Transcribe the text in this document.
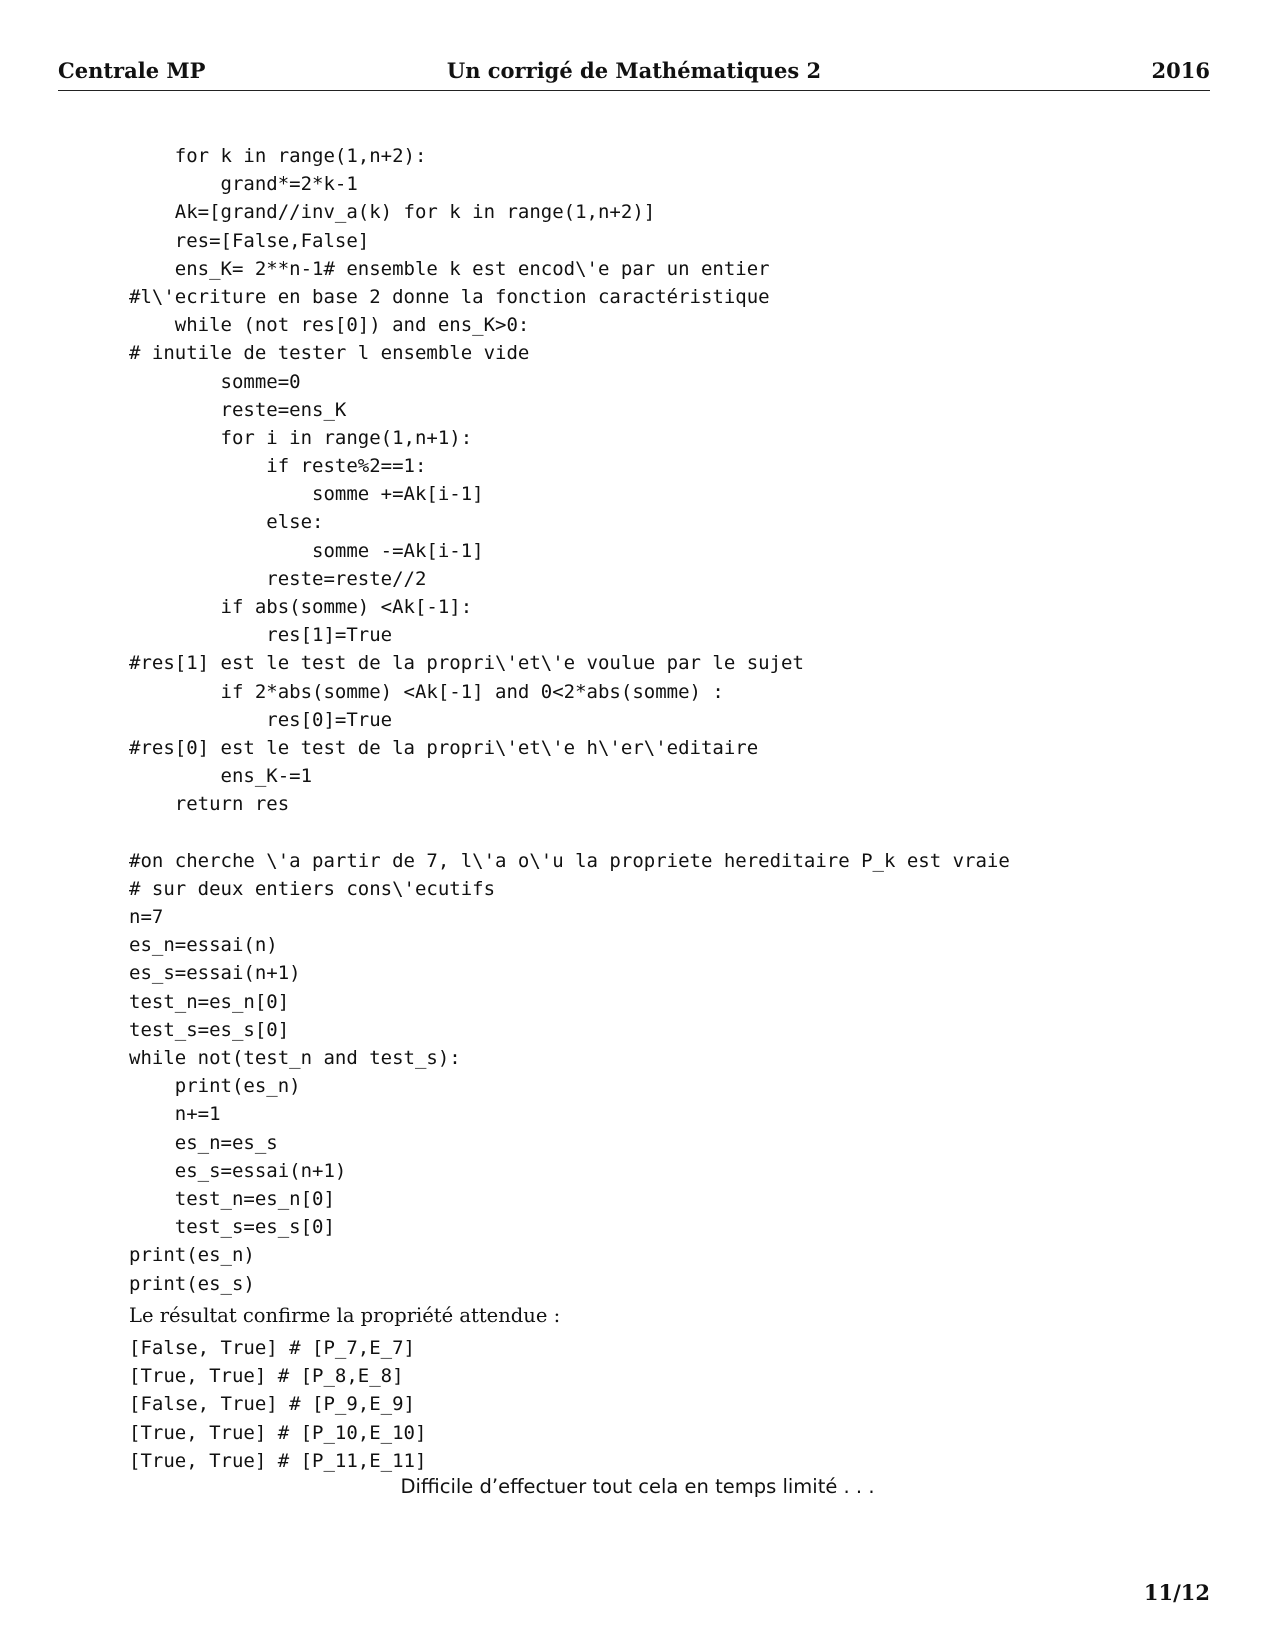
Centrale MP	Un corrigé de Mathématiques 2	2016
for k in range(1,n+2):
grand*=2*k-1
Ak=[grand//inv_a(k) for k in range(1,n+2)]
res=[False,False]
ens_K= 2**n-1# ensemble k est encod\'e par un entier
#l\'ecriture en base 2 donne la fonction caractéristique
while (not res[0]) and ens_K>0:
# inutile de tester l ensemble vide
somme=0
reste=ens_K
for i in range(1,n+1):
if reste%2==1:
somme +=Ak[i-1]
else:
somme -=Ak[i-1]
reste=reste//2
if abs(somme) <Ak[-1]:
res[1]=True
#res[1] est le test de la propri\'et\'e voulue par le sujet
if 2*abs(somme) <Ak[-1] and 0<2*abs(somme) :
res[0]=True
#res[0] est le test de la propri\'et\'e h\'er\'editaire
ens_K-=1
return res
#on cherche \'a partir de 7, l\'a o\'u la propriete hereditaire P_k est vraie
# sur deux entiers cons\'ecutifs
n=7
es_n=essai(n)
es_s=essai(n+1)
test_n=es_n[0]
test_s=es_s[0]
while not(test_n and test_s):
print(es_n)
n+=1
es_n=es_s
es_s=essai(n+1)
test_n=es_n[0]
test_s=es_s[0]
print(es_n)
print(es_s)
Le résultat confirme la propriété attendue :
[False, True] # [P_7,E_7]
[True, True] # [P_8,E_8]
[False, True] # [P_9,E_9]
[True, True] # [P_10,E_10]
[True, True] # [P_11,E_11]
Difficile d’effectuer tout cela en temps limité . . .
11/12
